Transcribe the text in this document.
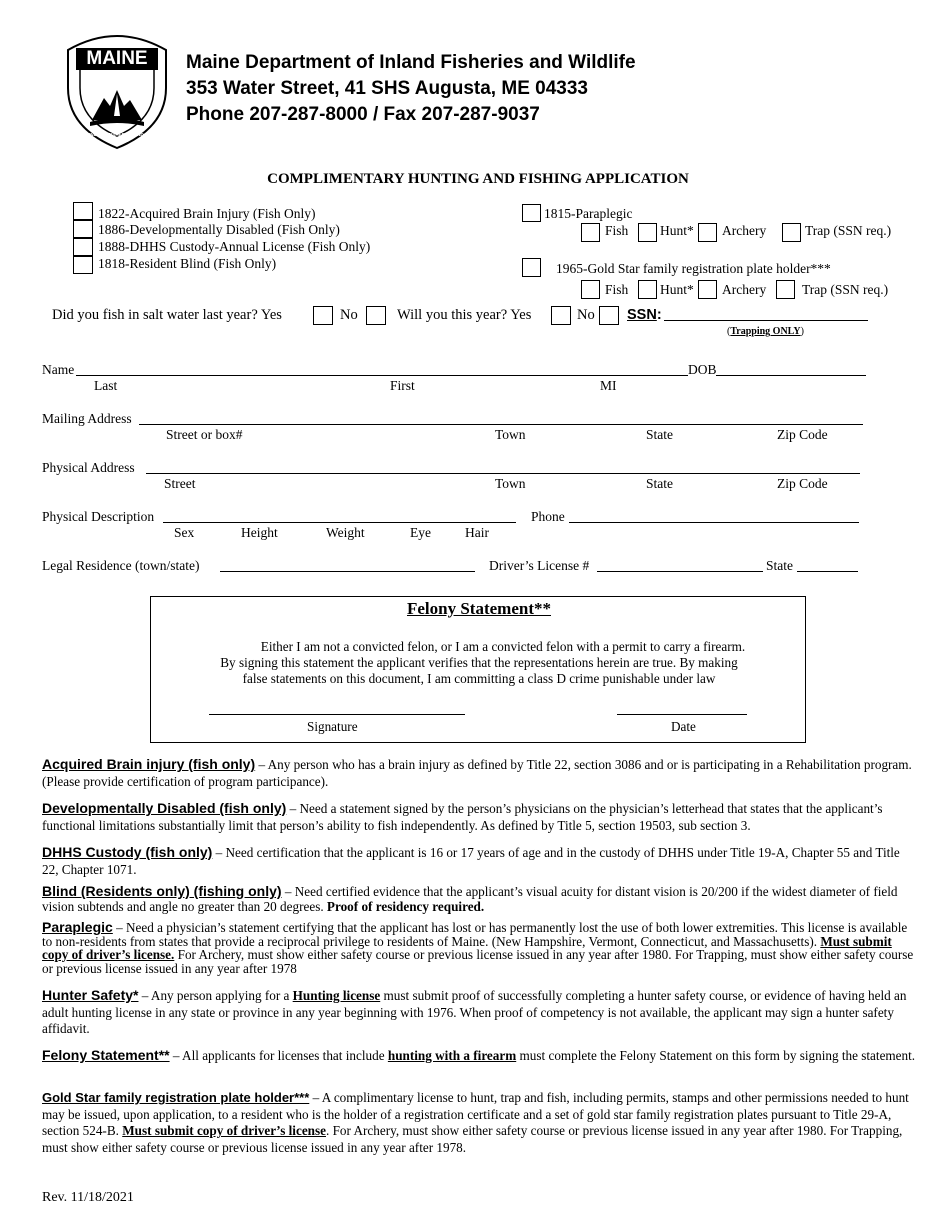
MAINE
DEPT. OF INLAND FISHERIES AND WILDLIFE
Maine Department of Inland Fisheries and Wildlife
353 Water Street, 41 SHS Augusta, ME 04333
Phone 207-287-8000 / Fax 207-287-9037
COMPLIMENTARY HUNTING AND FISHING APPLICATION
1822-Acquired Brain Injury (Fish Only)
1886-Developmentally Disabled (Fish Only)
1888-DHHS Custody-Annual License (Fish Only)
1818-Resident Blind (Fish Only)
1815-Paraplegic
Fish Hunt* Archery	Trap (SSN req.)
1965-Gold Star family registration plate holder***
Fish Hunt* Archery	Trap (SSN req.)
Did you fish in salt water last year? Yes	No	Will you this year? Yes	No SSN:
(Trapping ONLY)
Name	DOB
Last	First	MI
Mailing Address
Street or box#	Town	State	Zip Code
Physical Address
Street	Town	State	Zip Code
Physical Description	Phone
Sex	Height	Weight	Eye	Hair
Legal Residence (town/state)	Driver’s License #	State
Felony Statement**
Either I am not a convicted felon, or I am a convicted felon with a permit to carry a firearm.
By signing this statement the applicant verifies that the representations herein are true. By making
false statements on this document, I am committing a class D crime punishable under law
Signature	Date
Acquired Brain injury (fish only) – Any person who has a brain injury as defined by Title 22, section 3086 and or is participating in a Rehabilitation program. (Please provide certification of program participance).
Developmentally Disabled (fish only) – Need a statement signed by the person’s physicians on the physician’s letterhead that states that the applicant’s functional limitations substantially limit that person’s ability to fish independently. As defined by Title 5, section 19503, sub section 3.
DHHS Custody (fish only) – Need certification that the applicant is 16 or 17 years of age and in the custody of DHHS under Title 19-A, Chapter 55 and Title 22, Chapter 1071.
Blind (Residents only) (fishing only) – Need certified evidence that the applicant’s visual acuity for distant vision is 20/200 if the widest diameter of field vision subtends and angle no greater than 20 degrees. Proof of residency required.
Paraplegic – Need a physician’s statement certifying that the applicant has lost or has permanently lost the use of both lower extremities. This license is available to non-residents from states that provide a reciprocal privilege to residents of Maine. (New Hampshire, Vermont, Connecticut, and Massachusetts). Must submit copy of driver’s license. For Archery, must show either safety course or previous license issued in any year after 1980. For Trapping, must show either safety course or previous license issued in any year after 1978
Hunter Safety* – Any person applying for a Hunting license must submit proof of successfully completing a hunter safety course, or evidence of having held an adult hunting license in any state or province in any year beginning with 1976. When proof of competency is not available, the applicant may sign a hunter safety affidavit.
Felony Statement** – All applicants for licenses that include hunting with a firearm must complete the Felony Statement on this form by signing the statement.
Gold Star family registration plate holder*** – A complimentary license to hunt, trap and fish, including permits, stamps and other permissions needed to hunt may be issued, upon application, to a resident who is the holder of a registration certificate and a set of gold star family registration plates pursuant to Title 29-A, section 524-B. Must submit copy of driver’s license. For Archery, must show either safety course or previous license issued in any year after 1980. For Trapping, must show either safety course or previous license issued in any year after 1978.
Rev. 11/18/2021
